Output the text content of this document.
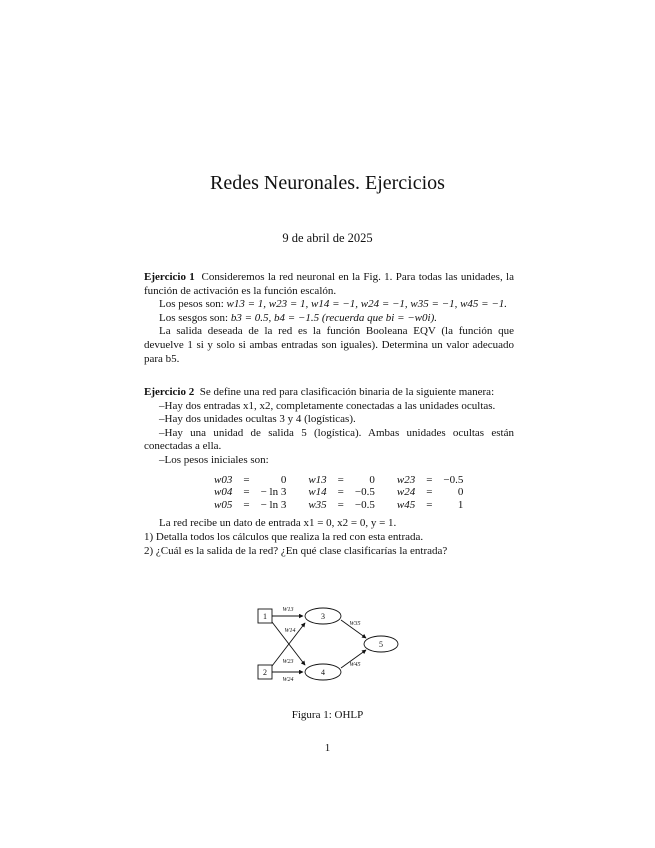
Redes Neuronales. Ejercicios
9 de abril de 2025

Ejercicio 1 Consideremos la red neuronal en la Fig. 1. Para todas las unidades, la función de activación es la función escalón.

Los pesos son: w13 = 1, w23 = 1, w14 = −1, w24 = −1, w35 = −1, w45 = −1.

Los sesgos son: b3 = 0.5, b4 = −1.5 (recuerda que bi = −w0i).

La salida deseada de la red es la función Booleana EQV (la función que devuelve 1 si y solo si ambas entradas son iguales). Determina un valor adecuado para b5.

Ejercicio 2 Se define una red para clasificación binaria de la siguiente manera:

–Hay dos entradas x1, x2, completamente conectadas a las unidades ocultas.

–Hay dos unidades ocultas 3 y 4 (logísticas).

–Hay una unidad de salida 5 (logística). Ambas unidades ocultas están conectadas a ella.

–Los pesos iniciales son:

w03	=	0	w13	=	0	w23	=	−0.5
w04	=	− ln 3	w14	=	−0.5	w24	=	0
w05	=	− ln 3	w35	=	−0.5	w45	=	1

La red recibe un dato de entrada x1 = 0, x2 = 0, y = 1.

1) Detalla todos los cálculos que realiza la red con esta entrada.

2) ¿Cuál es la salida de la red? ¿En qué clase clasificarías la entrada?

1
2
3
4
5
W13
W14
W23
W24
W35
W45
Figura 1: OHLP
1
